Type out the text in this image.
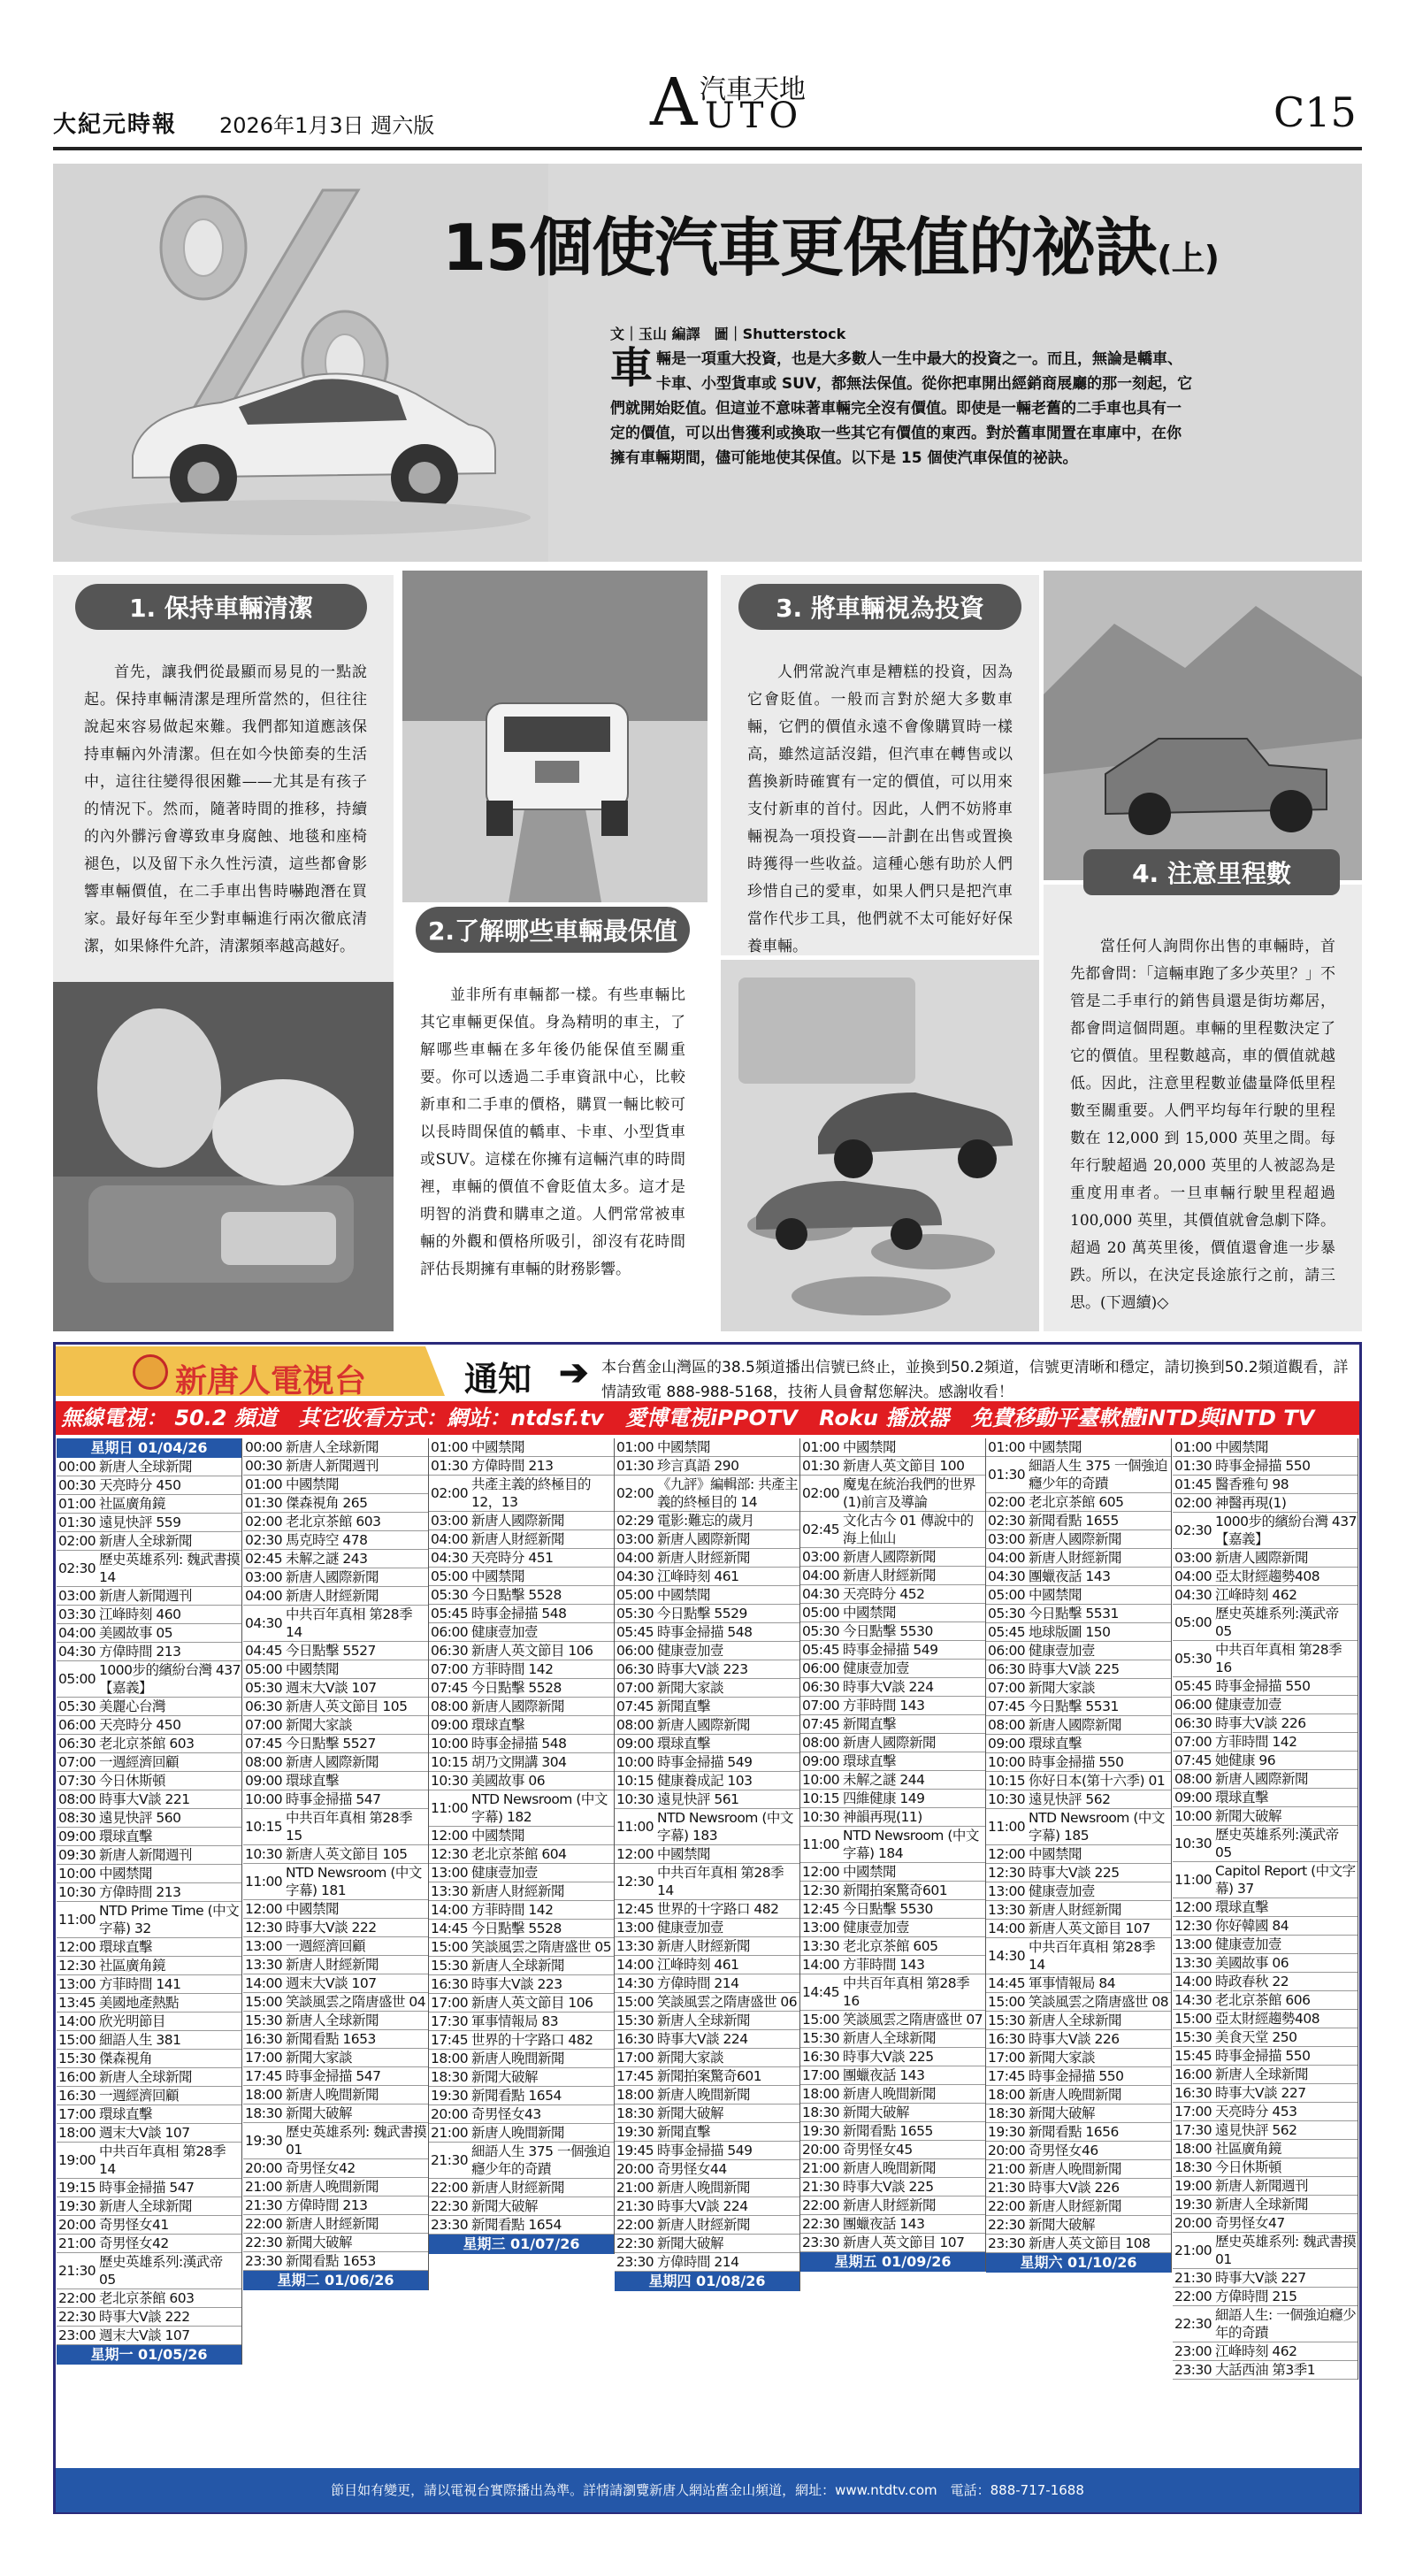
大紀元時報 2026年1月3日 週六版	A 汽車天地
UTO	C15
15個使汽車更保值的祕訣(上)
文｜玉山 編譯　圖｜Shutterstock
車輛是一項重大投資，也是大多數人一生中最大的投資之一。而且，無論是轎車、卡車、小型貨車或 SUV，都無法保值。從你把車開出經銷商展廳的那一刻起，它們就開始貶值。但這並不意味著車輛完全沒有價值。即使是一輛老舊的二手車也具有一定的價值，可以出售獲利或換取一些其它有價值的東西。對於舊車閒置在車庫中，在你擁有車輛期間，儘可能地使其保值。以下是 15 個使汽車保值的祕訣。
1. 保持車輛清潔
首先，讓我們從最顯而易見的一點說起。保持車輛清潔是理所當然的，但往往說起來容易做起來難。我們都知道應該保持車輛內外清潔。但在如今快節奏的生活中，這往往變得很困難——尤其是有孩子的情況下。然而，隨著時間的推移，持續的內外髒污會導致車身腐蝕、地毯和座椅褪色，以及留下永久性污漬，這些都會影響車輛價值，在二手車出售時嚇跑潛在買家。最好每年至少對車輛進行兩次徹底清潔，如果條件允許，清潔頻率越高越好。
2.了解哪些車輛最保值
並非所有車輛都一樣。有些車輛比其它車輛更保值。身為精明的車主，了解哪些車輛在多年後仍能保值至關重要。你可以透過二手車資訊中心，比較新車和二手車的價格，購買一輛比較可以長時間保值的轎車、卡車、小型貨車或SUV。這樣在你擁有這輛汽車的時間裡，車輛的價值不會貶值太多。這才是明智的消費和購車之道。人們常常被車輛的外觀和價格所吸引，卻沒有花時間評估長期擁有車輛的財務影響。
3. 將車輛視為投資
人們常說汽車是糟糕的投資，因為它會貶值。一般而言對於絕大多數車輛，它們的價值永遠不會像購買時一樣高，雖然這話沒錯，但汽車在轉售或以舊換新時確實有一定的價值，可以用來支付新車的首付。因此，人們不妨將車輛視為一項投資——計劃在出售或置換時獲得一些收益。這種心態有助於人們珍惜自己的愛車，如果人們只是把汽車當作代步工具，他們就不太可能好好保養車輛。
4. 注意里程數
當任何人詢問你出售的車輛時，首先都會問：「這輛車跑了多少英里？」不管是二手車行的銷售員還是街坊鄰居，都會問這個問題。車輛的里程數決定了它的價值。里程數越高，車的價值就越低。因此，注意里程數並儘量降低里程數至關重要。人們平均每年行駛的里程數在 12,000 到 15,000 英里之間。每年行駛超過 20,000 英里的人被認為是重度用車者。一旦車輛行駛里程超過 100,000 英里，其價值就會急劇下降。超過 20 萬英里後，價值還會進一步暴跌。所以，在決定長途旅行之前，請三思。(下週續)◇
新唐人電視台	通知 ➔ 本台舊金山灣區的38.5頻道播出信號已終止，並換到50.2頻道，信號更清晰和穩定，請切換到50.2頻道觀看，詳情請致電 888-988-5168，技術人員會幫您解決。感謝收看！
無線電視： 50.2 頻道 其它收看方式：網站：ntdsf.tv 愛博電視iPPOTV Roku 播放器 免費移動平臺軟體iNTD與iNTD TV
星期日 01/04/26
00:00 新唐人全球新聞
00:30 天亮時分 450
01:00 社區廣角鏡
01:30 遠見快評 559
02:00 新唐人全球新聞
02:30
歷史英雄系列: 魏武書摸 14
03:00 新唐人新聞週刊
03:30 江峰時刻 460
04:00 美國故事 05
04:30 方偉時間 213
05:00
1000步的繽紛台灣 437【嘉義】
05:30 美麗心台灣
06:00 天亮時分 450
06:30 老北京茶館 603
07:00 一週經濟回顧
07:30 今日休斯頓
08:00 時事大V談 221
08:30 遠見快評 560
09:00 環球直擊
09:30 新唐人新聞週刊
10:00 中國禁聞
10:30 方偉時間 213
11:00
NTD Prime Time (中文字幕) 32
12:00 環球直擊
12:30 社區廣角鏡
13:00 方菲時間 141
13:45 美國地產熱點
14:00 欣光明節目
15:00 細語人生 381
15:30 傑森視角
16:00 新唐人全球新聞
16:30 一週經濟回顧
17:00 環球直擊
18:00 週末大V談 107
19:00
中共百年真相 第28季 14
19:15 時事金掃描 547
19:30 新唐人全球新聞
20:00 奇男怪女41
21:00 奇男怪女42
21:30
歷史英雄系列:漢武帝 05
22:00 老北京茶館 603
22:30 時事大V談 222
23:00 週末大V談 107
星期一 01/05/26
00:00 新唐人全球新聞
00:30 新唐人新聞週刊
01:00 中國禁聞
01:30 傑森視角 265
02:00 老北京茶館 603
02:30 馬克時空 478
02:45 未解之謎 243
03:00 新唐人國際新聞
04:00 新唐人財經新聞
04:30
中共百年真相 第28季 14
04:45 今日點擊 5527
05:00 中國禁聞
05:30 週末大V談 107
06:30 新唐人英文節目 105
07:00 新聞大家談
07:45 今日點擊 5527
08:00 新唐人國際新聞
09:00 環球直擊
10:00 時事金掃描 547
10:15
中共百年真相 第28季 15
10:30 新唐人英文節目 105
11:00
NTD Newsroom (中文字幕) 181
12:00 中國禁聞
12:30 時事大V談 222
13:00 一週經濟回顧
13:30 新唐人財經新聞
14:00 週末大V談 107
15:00 笑談風雲之隋唐盛世 04
15:30 新唐人全球新聞
16:30 新聞看點 1653
17:00 新聞大家談
17:45 時事金掃描 547
18:00 新唐人晚間新聞
18:30 新聞大破解
19:30
歷史英雄系列: 魏武書摸 01
20:00 奇男怪女42
21:00 新唐人晚間新聞
21:30 方偉時間 213
22:00 新唐人財經新聞
22:30 新聞大破解
23:30 新聞看點 1653
星期二 01/06/26
01:00 中國禁聞
01:30 方偉時間 213
02:00
共產主義的終極目的 12，13
03:00 新唐人國際新聞
04:00 新唐人財經新聞
04:30 天亮時分 451
05:00 中國禁聞
05:30 今日點擊 5528
05:45 時事金掃描 548
06:00 健康壹加壹
06:30 新唐人英文節目 106
07:00 方菲時間 142
07:45 今日點擊 5528
08:00 新唐人國際新聞
09:00 環球直擊
10:00 時事金掃描 548
10:15 胡乃文開講 304
10:30 美國故事 06
11:00
NTD Newsroom (中文字幕) 182
12:00 中國禁聞
12:30 老北京茶館 604
13:00 健康壹加壹
13:30 新唐人財經新聞
14:00 方菲時間 142
14:45 今日點擊 5528
15:00 笑談風雲之隋唐盛世 05
15:30 新唐人全球新聞
16:30 時事大V談 223
17:00 新唐人英文節目 106
17:30 軍事情報局 83
17:45 世界的十字路口 482
18:00 新唐人晚間新聞
18:30 新聞大破解
19:30 新聞看點 1654
20:00 奇男怪女43
21:00 新唐人晚間新聞
21:30
細語人生 375 一個強迫癮少年的奇蹟
22:00 新唐人財經新聞
22:30 新聞大破解
23:30 新聞看點 1654
星期三 01/07/26
01:00 中國禁聞
01:30 珍言真語 290
02:00
《九評》編輯部: 共產主義的終極目的 14
02:29 電影:難忘的歲月
03:00 新唐人國際新聞
04:00 新唐人財經新聞
04:30 江峰時刻 461
05:00 中國禁聞
05:30 今日點擊 5529
05:45 時事金掃描 548
06:00 健康壹加壹
06:30 時事大V談 223
07:00 新聞大家談
07:45 新聞直擊
08:00 新唐人國際新聞
09:00 環球直擊
10:00 時事金掃描 549
10:15 健康養成記 103
10:30 遠見快評 561
11:00
NTD Newsroom (中文字幕) 183
12:00 中國禁聞
12:30
中共百年真相 第28季 14
12:45 世界的十字路口 482
13:00 健康壹加壹
13:30 新唐人財經新聞
14:00 江峰時刻 461
14:30 方偉時間 214
15:00 笑談風雲之隋唐盛世 06
15:30 新唐人全球新聞
16:30 時事大V談 224
17:00 新聞大家談
17:45 新聞拍案驚奇601
18:00 新唐人晚間新聞
18:30 新聞大破解
19:30 新聞直擊
19:45 時事金掃描 549
20:00 奇男怪女44
21:00 新唐人晚間新聞
21:30 時事大V談 224
22:00 新唐人財經新聞
22:30 新聞大破解
23:30 方偉時間 214
星期四 01/08/26
01:00 中國禁聞
01:30 新唐人英文節目 100
02:00
魔鬼在統治我們的世界(1)前言及導論
02:45
文化古今 01 傳說中的海上仙山
03:00 新唐人國際新聞
04:00 新唐人財經新聞
04:30 天亮時分 452
05:00 中國禁聞
05:30 今日點擊 5530
05:45 時事金掃描 549
06:00 健康壹加壹
06:30 時事大V談 224
07:00 方菲時間 143
07:45 新聞直擊
08:00 新唐人國際新聞
09:00 環球直擊
10:00 未解之謎 244
10:15 四維健康 149
10:30 神韻再現(11)
11:00
NTD Newsroom (中文字幕) 184
12:00 中國禁聞
12:30 新聞拍案驚奇601
12:45 今日點擊 5530
13:00 健康壹加壹
13:30 老北京茶館 605
14:00 方菲時間 143
14:45
中共百年真相 第28季 16
15:00 笑談風雲之隋唐盛世 07
15:30 新唐人全球新聞
16:30 時事大V談 225
17:00 團蠟夜話 143
18:00 新唐人晚間新聞
18:30 新聞大破解
19:30 新聞看點 1655
20:00 奇男怪女45
21:00 新唐人晚間新聞
21:30 時事大V談 225
22:00 新唐人財經新聞
22:30 團蠟夜話 143
23:30 新唐人英文節目 107
星期五 01/09/26
01:00 中國禁聞
01:30
細語人生 375 一個強迫癮少年的奇蹟
02:00 老北京茶館 605
02:30 新聞看點 1655
03:00 新唐人國際新聞
04:00 新唐人財經新聞
04:30 團蠟夜話 143
05:00 中國禁聞
05:30 今日點擊 5531
05:45 地球版圖 150
06:00 健康壹加壹
06:30 時事大V談 225
07:00 新聞大家談
07:45 今日點擊 5531
08:00 新唐人國際新聞
09:00 環球直擊
10:00 時事金掃描 550
10:15 你好日本(第十六季) 01
10:30 遠見快評 562
11:00
NTD Newsroom (中文字幕) 185
12:00 中國禁聞
12:30 時事大V談 225
13:00 健康壹加壹
13:30 新唐人財經新聞
14:00 新唐人英文節目 107
14:30
中共百年真相 第28季 14
14:45 軍事情報局 84
15:00 笑談風雲之隋唐盛世 08
15:30 新唐人全球新聞
16:30 時事大V談 226
17:00 新聞大家談
17:45 時事金掃描 550
18:00 新唐人晚間新聞
18:30 新聞大破解
19:30 新聞看點 1656
20:00 奇男怪女46
21:00 新唐人晚間新聞
21:30 時事大V談 226
22:00 新唐人財經新聞
22:30 新聞大破解
23:30 新唐人英文節目 108
星期六 01/10/26
01:00 中國禁聞
01:30 時事金掃描 550
01:45 醫香雅句 98
02:00 神醫再現(1)
02:30
1000步的繽紛台灣 437【嘉義】
03:00 新唐人國際新聞
04:00 亞太財經趨勢408
04:30 江峰時刻 462
05:00
歷史英雄系列:漢武帝 05
05:30
中共百年真相 第28季 16
05:45 時事金掃描 550
06:00 健康壹加壹
06:30 時事大V談 226
07:00 方菲時間 142
07:45 她健康 96
08:00 新唐人國際新聞
09:00 環球直擊
10:00 新聞大破解
10:30
歷史英雄系列:漢武帝 05
11:00
Capitol Report (中文字幕) 37
12:00 環球直擊
12:30 你好韓國 84
13:00 健康壹加壹
13:30 美國故事 06
14:00 時政春秋 22
14:30 老北京茶館 606
15:00 亞太財經趨勢408
15:30 美食天堂 250
15:45 時事金掃描 550
16:00 新唐人全球新聞
16:30 時事大V談 227
17:00 天亮時分 453
17:30 遠見快評 562
18:00 社區廣角鏡
18:30 今日休斯頓
19:00 新唐人新聞週刊
19:30 新唐人全球新聞
20:00 奇男怪女47
21:00
歷史英雄系列: 魏武書摸 01
21:30 時事大V談 227
22:00 方偉時間 215
22:30
細語人生: 一個強迫癮少年的奇蹟
23:00 江峰時刻 462
23:30 大話西油 第3季1
節目如有變更，請以電視台實際播出為準。詳情請瀏覽新唐人網站舊金山頻道，網址：www.ntdtv.com　電話：888-717-1688
